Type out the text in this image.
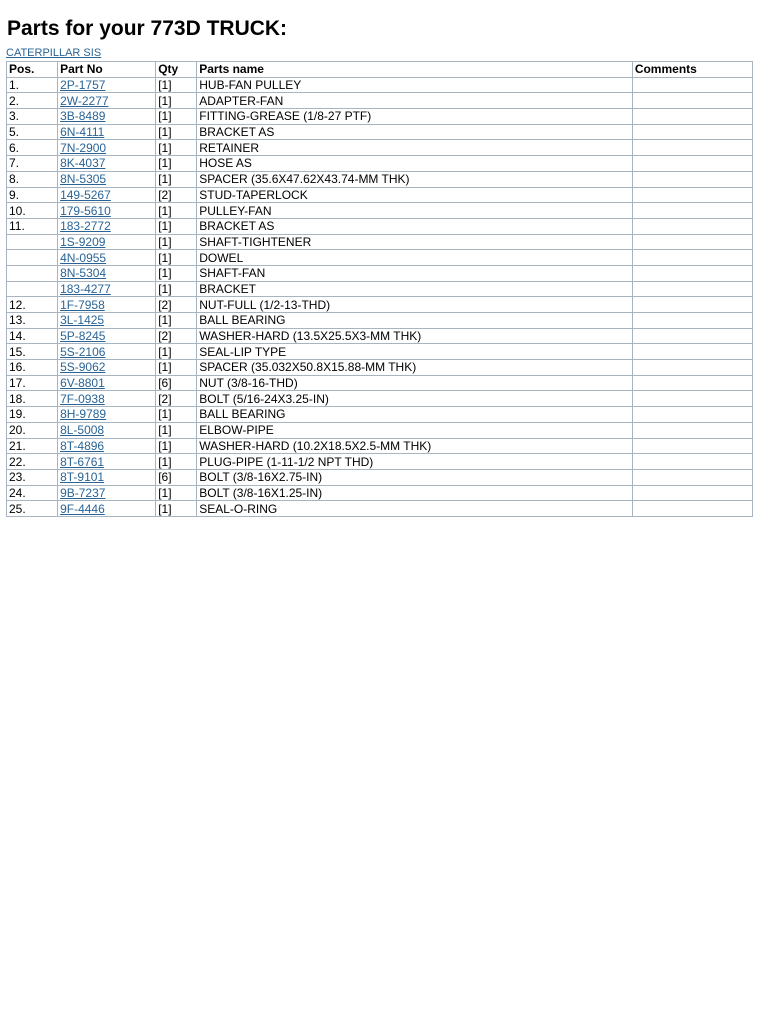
Parts for your 773D TRUCK:
CATERPILLAR SIS
Pos.	Part No	Qty	Parts name	Comments
1.	2P-1757	[1]	HUB-FAN PULLEY	
2.	2W-2277	[1]	ADAPTER-FAN	
3.	3B-8489	[1]	FITTING-GREASE (1/8-27 PTF)	
5.	6N-4111	[1]	BRACKET AS	
6.	7N-2900	[1]	RETAINER	
7.	8K-4037	[1]	HOSE AS	
8.	8N-5305	[1]	SPACER (35.6X47.62X43.74-MM THK)	
9.	149-5267	[2]	STUD-TAPERLOCK	
10.	179-5610	[1]	PULLEY-FAN	
11.	183-2772	[1]	BRACKET AS	
	1S-9209	[1]	SHAFT-TIGHTENER	
	4N-0955	[1]	DOWEL	
	8N-5304	[1]	SHAFT-FAN	
	183-4277	[1]	BRACKET	
12.	1F-7958	[2]	NUT-FULL (1/2-13-THD)	
13.	3L-1425	[1]	BALL BEARING	
14.	5P-8245	[2]	WASHER-HARD (13.5X25.5X3-MM THK)	
15.	5S-2106	[1]	SEAL-LIP TYPE	
16.	5S-9062	[1]	SPACER (35.032X50.8X15.88-MM THK)	
17.	6V-8801	[6]	NUT (3/8-16-THD)	
18.	7F-0938	[2]	BOLT (5/16-24X3.25-IN)	
19.	8H-9789	[1]	BALL BEARING	
20.	8L-5008	[1]	ELBOW-PIPE	
21.	8T-4896	[1]	WASHER-HARD (10.2X18.5X2.5-MM THK)	
22.	8T-6761	[1]	PLUG-PIPE (1-11-1/2 NPT THD)	
23.	8T-9101	[6]	BOLT (3/8-16X2.75-IN)	
24.	9B-7237	[1]	BOLT (3/8-16X1.25-IN)	
25.	9F-4446	[1]	SEAL-O-RING	
